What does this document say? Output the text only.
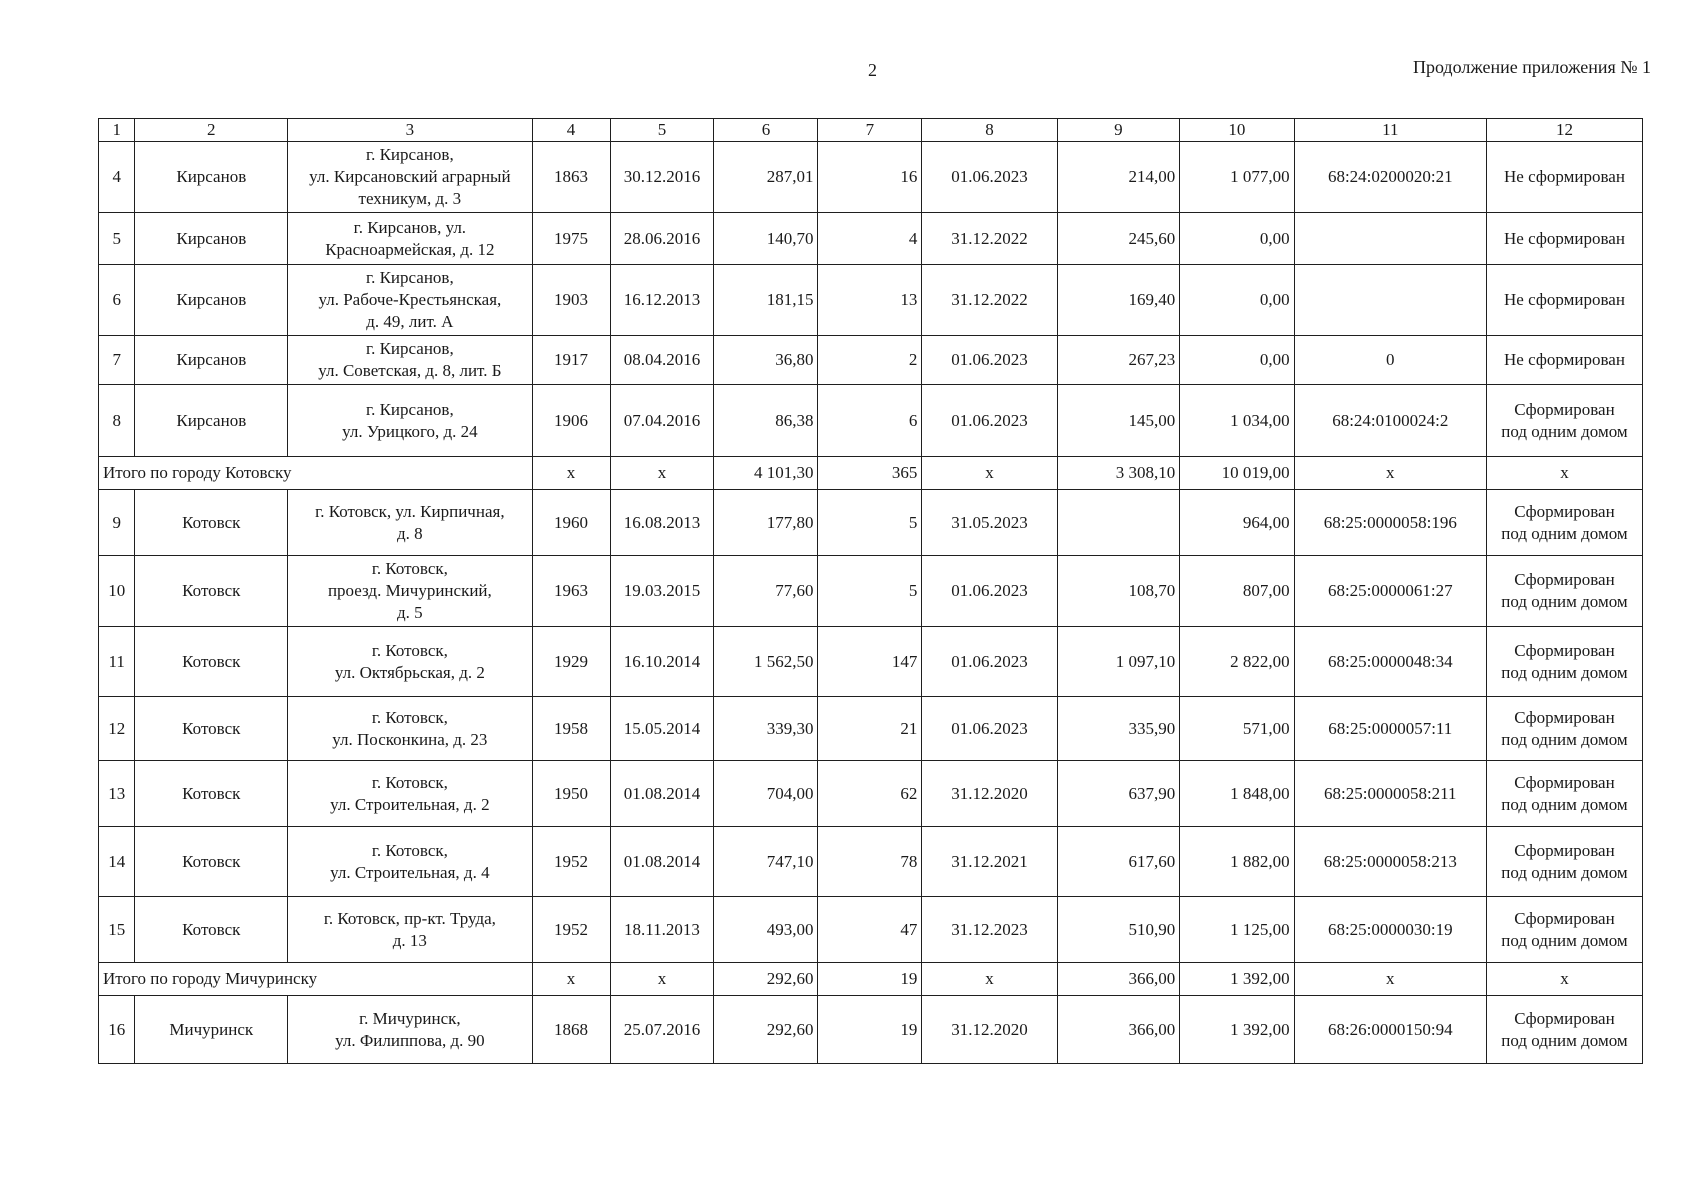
2	Продолжение приложения № 1
1	2	3	4	5	6	7	8	9	10	11	12
4	Кирсанов	г. Кирсанов,
ул. Кирсановский аграрный
техникум, д. 3	1863	30.12.2016	287,01	16	01.06.2023	214,00	1 077,00	68:24:0200020:21	Не сформирован
5	Кирсанов	г. Кирсанов, ул.
Красноармейская, д. 12	1975	28.06.2016	140,70	4	31.12.2022	245,60	0,00		Не сформирован
6	Кирсанов	г. Кирсанов,
ул. Рабоче-Крестьянская,
д. 49, лит. А	1903	16.12.2013	181,15	13	31.12.2022	169,40	0,00		Не сформирован
7	Кирсанов	г. Кирсанов,
ул. Советская, д. 8, лит. Б	1917	08.04.2016	36,80	2	01.06.2023	267,23	0,00	0	Не сформирован
8	Кирсанов	г. Кирсанов,
ул. Урицкого, д. 24	1906	07.04.2016	86,38	6	01.06.2023	145,00	1 034,00	68:24:0100024:2	Сформирован
под одним домом
Итого по городу Котовску			x	x	4 101,30	365	x	3 308,10	10 019,00	x	x
9	Котовск	г. Котовск, ул. Кирпичная,
д. 8	1960	16.08.2013	177,80	5	31.05.2023		964,00	68:25:0000058:196	Сформирован
под одним домом
10	Котовск	г. Котовск,
проезд. Мичуринский,
д. 5	1963	19.03.2015	77,60	5	01.06.2023	108,70	807,00	68:25:0000061:27	Сформирован
под одним домом
11	Котовск	г. Котовск,
ул. Октябрьская, д. 2	1929	16.10.2014	1 562,50	147	01.06.2023	1 097,10	2 822,00	68:25:0000048:34	Сформирован
под одним домом
12	Котовск	г. Котовск,
ул. Посконкина, д. 23	1958	15.05.2014	339,30	21	01.06.2023	335,90	571,00	68:25:0000057:11	Сформирован
под одним домом
13	Котовск	г. Котовск,
ул. Строительная, д. 2	1950	01.08.2014	704,00	62	31.12.2020	637,90	1 848,00	68:25:0000058:211	Сформирован
под одним домом
14	Котовск	г. Котовск,
ул. Строительная, д. 4	1952	01.08.2014	747,10	78	31.12.2021	617,60	1 882,00	68:25:0000058:213	Сформирован
под одним домом
15	Котовск	г. Котовск, пр-кт. Труда,
д. 13	1952	18.11.2013	493,00	47	31.12.2023	510,90	1 125,00	68:25:0000030:19	Сформирован
под одним домом
Итого по городу Мичуринску			x	x	292,60	19	x	366,00	1 392,00	x	x
16	Мичуринск	г. Мичуринск,
ул. Филиппова, д. 90	1868	25.07.2016	292,60	19	31.12.2020	366,00	1 392,00	68:26:0000150:94	Сформирован
под одним домом
